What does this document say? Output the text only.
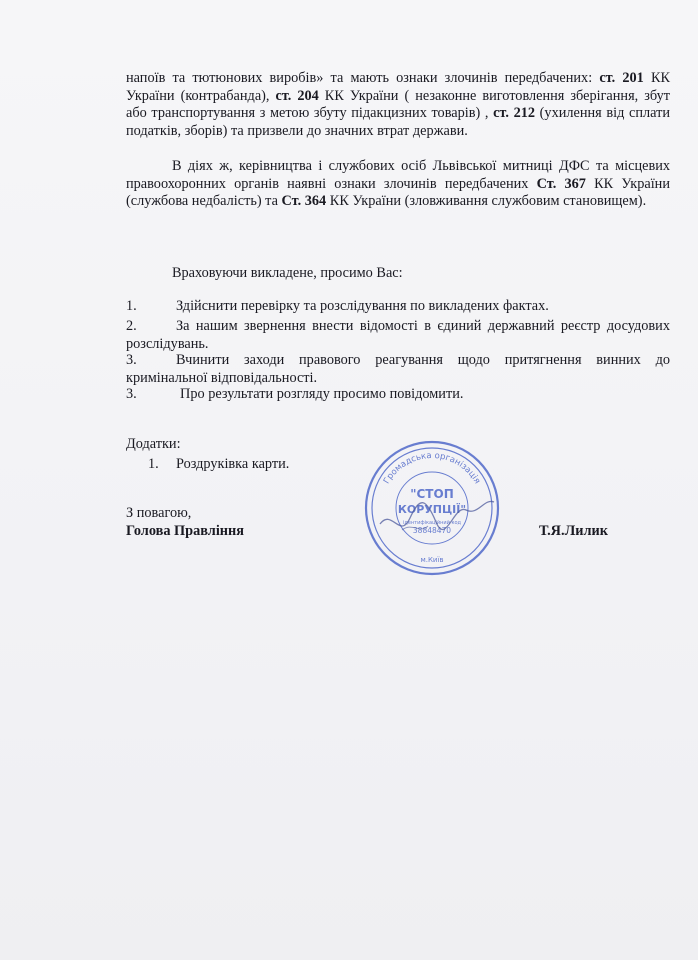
напоїв та тютюнових виробів» та мають ознаки злочинів передбачених: ст. 201 КК України (контрабанда), ст. 204 КК України ( незаконне виготовлення зберігання, збут або транспортування з метою збуту підакцизних товарів) , ст. 212 (ухилення від сплати податків, зборів) та призвели до значних втрат держави.

В діях ж, керівництва і службових осіб Львівської митниці ДФС та місцевих правоохоронних органів наявні ознаки злочинів передбачених Ст. 367 КК України (службова недбалість) та Ст. 364 КК України (зловживання службовим становищем).

Враховуючи викладене, просимо Вас:
1.	Здійснити перевірку та розслідування по викладених фактах.
2.	За нашим звернення внести відомості в єдиний державний реєстр досудових
розслідувань.
3.	Вчинити заходи правового реагування щодо притягнення винних до
кримінальної відповідальності.
3.	Про результати розгляду просимо повідомити.
Додатки:
1. Роздруківка карти.
З повагою,
Голова Правління	Т.Я.Лилик
Громадська організація
"СТОП
КОРУПЦІЇ"
ідентифікаційний код
38848470
м.Київ
